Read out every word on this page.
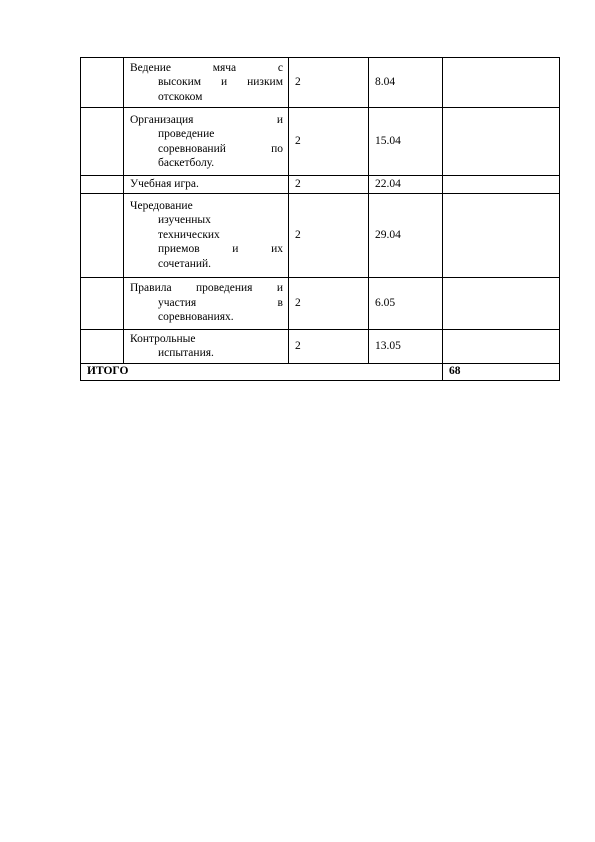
	Ведение мяча с
высоким и низким
отскоком	2	8.04	

	Организация и
проведение
соревнований по
баскетболу.	2	15.04	

	Учебная игра.	2	22.04	

	Чередование
изученных
технических
приемов и их
сочетаний.	2	29.04	

	Правила проведения и
участия в
соревнованиях.	2	6.05	

	Контрольные
испытания.	2	13.05	
ИТОГО				68
